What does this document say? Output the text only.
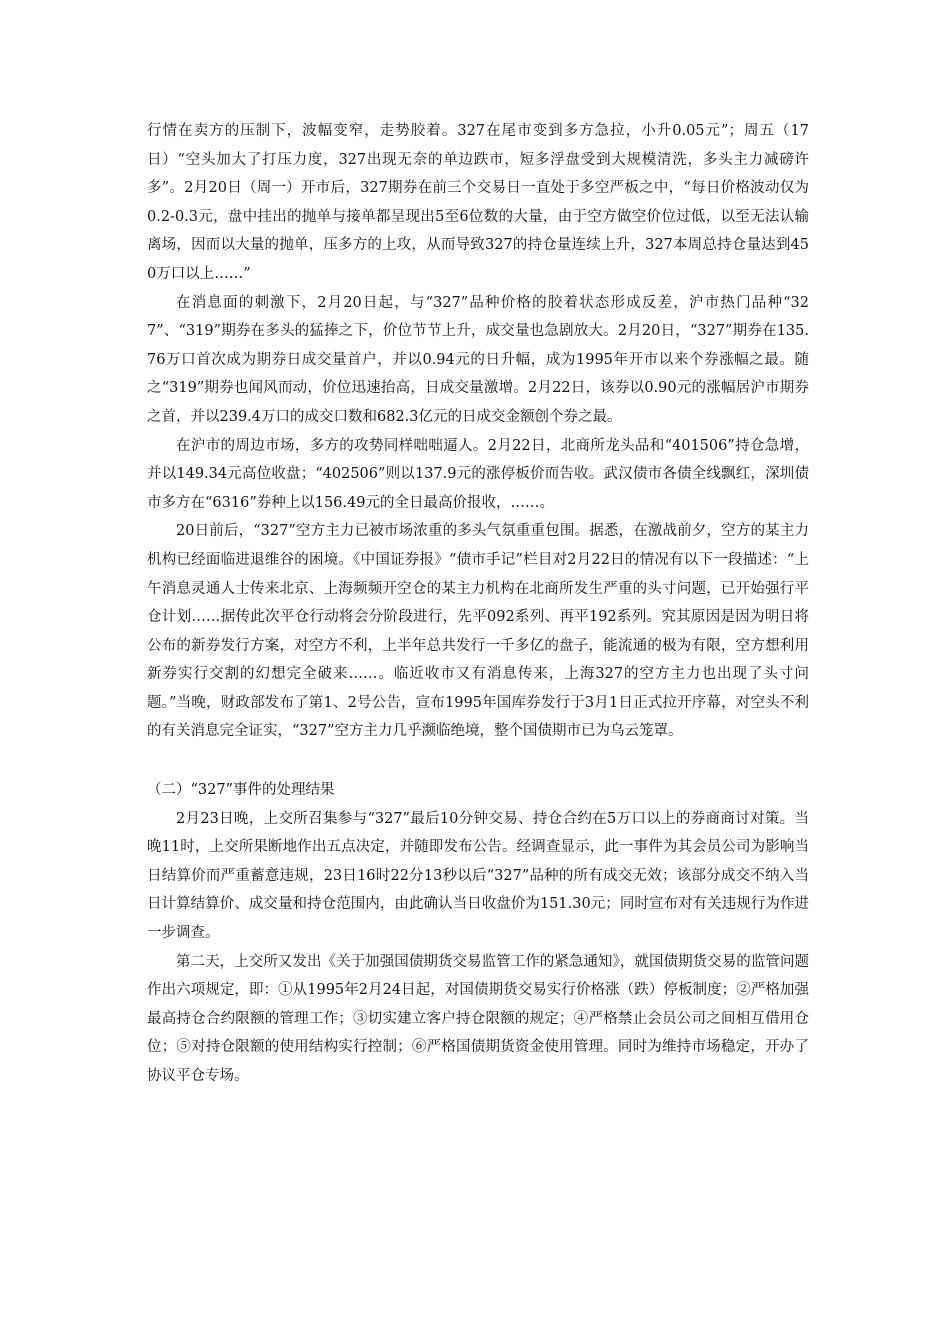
行情在卖方的压制下，波幅变窄，走势胶着。327在尾市变到多方急拉，小升0.05元”；周五（17日）“空头加大了打压力度，327出现无奈的单边跌市，短多浮盘受到大规模清洗，多头主力减磅许多”。2月20日（周一）开市后，327期券在前三个交易日一直处于多空严板之中，“每日价格波动仅为0.2-0.3元，盘中挂出的抛单与接单都呈现出5至6位数的大量，由于空方做空价位过低，以至无法认输离场，因而以大量的抛单，压多方的上攻，从而导致327的持仓量连续上升，327本周总持仓量达到450万口以上……”

在消息面的刺激下，2月20日起，与“327”品种价格的胶着状态形成反差，沪市热门品种“327”、“319”期券在多头的猛捧之下，价位节节上升，成交量也急剧放大。2月20日，“327”期券在135.76万口首次成为期券日成交量首户，并以0.94元的日升幅，成为1995年开市以来个券涨幅之最。随之“319”期券也闻风而动，价位迅速抬高，日成交量激增。2月22日，该券以0.90元的涨幅居沪市期券之首，并以239.4万口的成交口数和682.3亿元的日成交金额创个券之最。

在沪市的周边市场，多方的攻势同样咄咄逼人。2月22日，北商所龙头品和“401506”持仓急增，并以149.34元高位收盘；“402506”则以137.9元的涨停板价而告收。武汉债市各债全线飘红，深圳债市多方在“6316”券种上以156.49元的全日最高价报收，……。

20日前后，“327”空方主力已被市场浓重的多头气氛重重包围。据悉，在激战前夕，空方的某主力机构已经面临进退维谷的困境。《中国证券报》“债市手记”栏目对2月22日的情况有以下一段描述：“上午消息灵通人士传来北京、上海频频开空仓的某主力机构在北商所发生严重的头寸问题，已开始强行平仓计划……据传此次平仓行动将会分阶段进行，先平092系列、再平192系列。究其原因是因为明日将公布的新券发行方案，对空方不利，上半年总共发行一千多亿的盘子，能流通的极为有限，空方想利用新券实行交割的幻想完全破来……。临近收市又有消息传来，上海327的空方主力也出现了头寸问题。”当晚，财政部发布了第1、2号公告，宣布1995年国库券发行于3月1日正式拉开序幕，对空头不利的有关消息完全证实，“327”空方主力几乎濒临绝境，整个国债期市已为乌云笼罩。

（二）“327”事件的处理结果

2月23日晚，上交所召集参与“327”最后10分钟交易、持仓合约在5万口以上的券商商讨对策。当晚11时，上交所果断地作出五点决定，并随即发布公告。经调查显示，此一事件为其会员公司为影响当日结算价而严重蓄意违规，23日16时22分13秒以后“327”品种的所有成交无效；该部分成交不纳入当日计算结算价、成交量和持仓范围内，由此确认当日收盘价为151.30元；同时宣布对有关违规行为作进一步调查。

第二天，上交所又发出《关于加强国债期货交易监管工作的紧急通知》，就国债期货交易的监管问题作出六项规定，即：①从1995年2月24日起，对国债期货交易实行价格涨（跌）停板制度；②严格加强最高持仓合约限额的管理工作；③切实建立客户持仓限额的规定；④严格禁止会员公司之间相互借用仓位；⑤对持仓限额的使用结构实行控制；⑥严格国债期货资金使用管理。同时为维持市场稳定，开办了协议平仓专场。
